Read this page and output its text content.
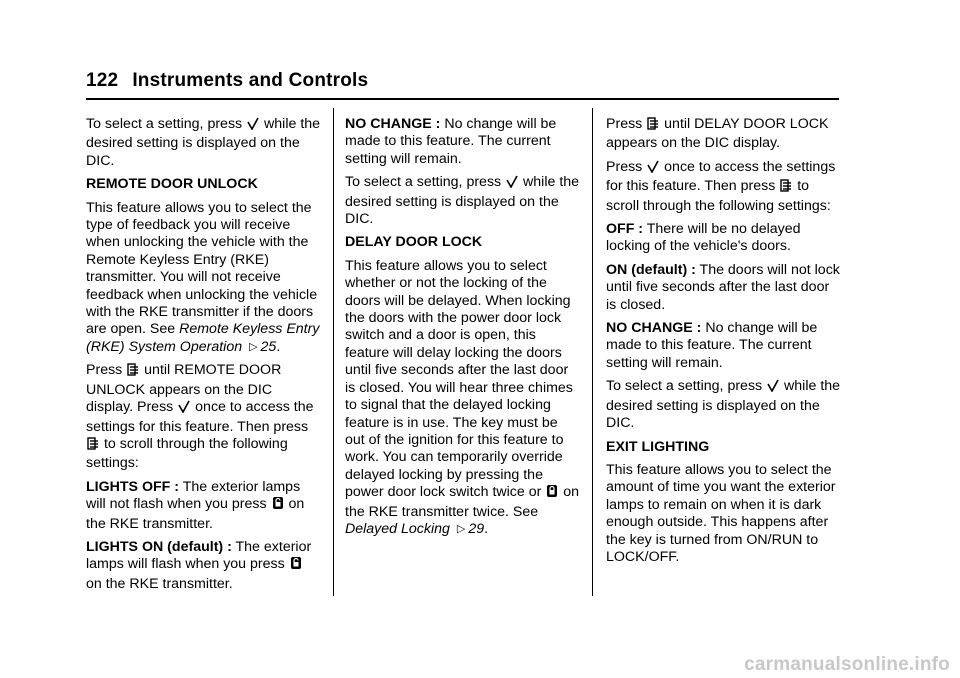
122 Instruments and Controls

To select a setting, press while the desired setting is displayed on the DIC.

REMOTE DOOR UNLOCK

This feature allows you to select the type of feedback you will receive when unlocking the vehicle with the Remote Keyless Entry (RKE) transmitter. You will not receive feedback when unlocking the vehicle with the RKE transmitter if the doors are open. See Remote Keyless Entry (RKE) System Operation ▷ 25.

Press until REMOTE DOOR UNLOCK appears on the DIC display. Press once to access the settings for this feature. Then press  to scroll through the following settings:

LIGHTS OFF : The exterior lamps will not flash when you press on the RKE transmitter.

LIGHTS ON (default) : The exterior lamps will flash when you press  on the RKE transmitter.

NO CHANGE : No change will be made to this feature. The current setting will remain.

To select a setting, press while the desired setting is displayed on the DIC.

DELAY DOOR LOCK

This feature allows you to select whether or not the locking of the doors will be delayed. When locking the doors with the power door lock switch and a door is open, this feature will delay locking the doors until five seconds after the last door is closed. You will hear three chimes to signal that the delayed locking feature is in use. The key must be out of the ignition for this feature to work. You can temporarily override delayed locking by pressing the power door lock switch twice or on the RKE transmitter twice. See Delayed Locking ▷ 29.

Press until DELAY DOOR LOCK appears on the DIC display.

Press once to access the settings for this feature. Then press to scroll through the following settings:

OFF : There will be no delayed locking of the vehicle's doors.

ON (default) : The doors will not lock until five seconds after the last door is closed.

NO CHANGE : No change will be made to this feature. The current setting will remain.

To select a setting, press while the desired setting is displayed on the DIC.

EXIT LIGHTING

This feature allows you to select the amount of time you want the exterior lamps to remain on when it is dark enough outside. This happens after the key is turned from ON/RUN to LOCK/OFF.

carmanualsonline.info
